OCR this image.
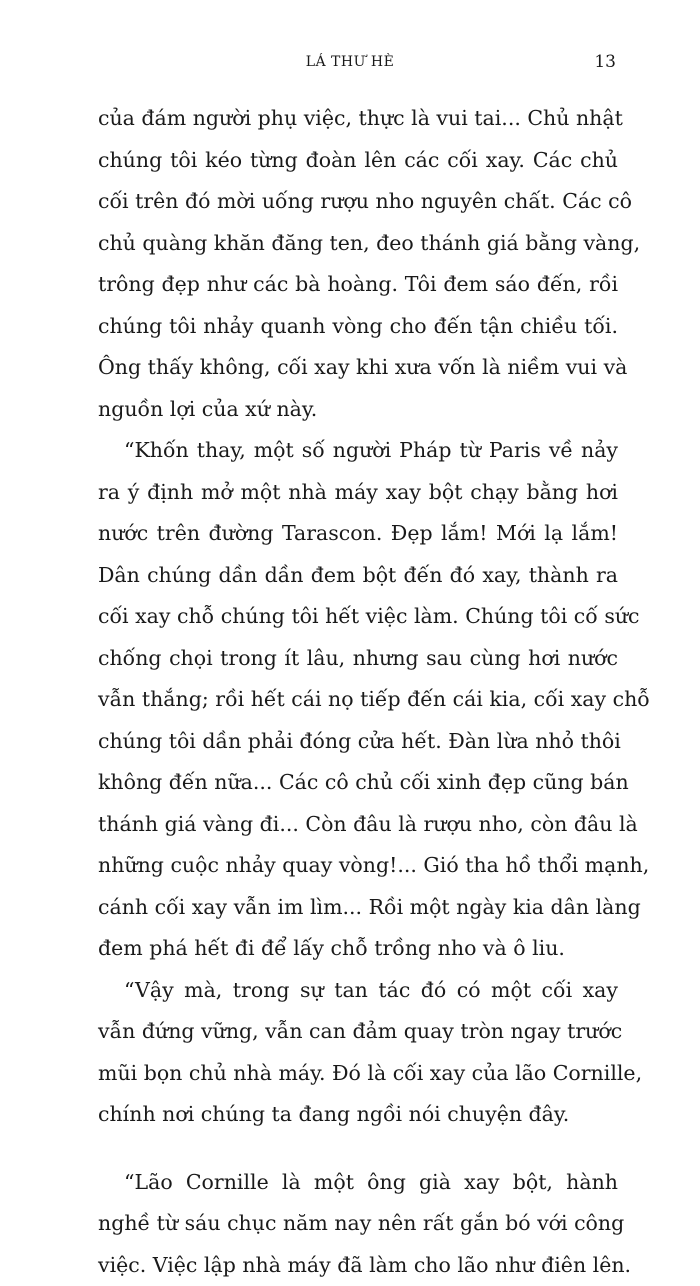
LÁ THƯ HÈ	13
của đám người phụ việc, thực là vui tai... Chủ nhật
chúng tôi kéo từng đoàn lên các cối xay. Các chủ
cối trên đó mời uống rượu nho nguyên chất. Các cô
chủ quàng khăn đăng ten, đeo thánh giá bằng vàng,
trông đẹp như các bà hoàng. Tôi đem sáo đến, rồi
chúng tôi nhảy quanh vòng cho đến tận chiều tối.
Ông thấy không, cối xay khi xưa vốn là niềm vui và
nguồn lợi của xứ này.
“Khốn thay, một số người Pháp từ Paris về nảy
ra ý định mở một nhà máy xay bột chạy bằng hơi
nước trên đường Tarascon. Đẹp lắm! Mới lạ lắm!
Dân chúng dần dần đem bột đến đó xay, thành ra
cối xay chỗ chúng tôi hết việc làm. Chúng tôi cố sức
chống chọi trong ít lâu, nhưng sau cùng hơi nước
vẫn thắng; rồi hết cái nọ tiếp đến cái kia, cối xay chỗ
chúng tôi dần phải đóng cửa hết. Đàn lừa nhỏ thôi
không đến nữa... Các cô chủ cối xinh đẹp cũng bán
thánh giá vàng đi... Còn đâu là rượu nho, còn đâu là
những cuộc nhảy quay vòng!... Gió tha hồ thổi mạnh,
cánh cối xay vẫn im lìm... Rồi một ngày kia dân làng
đem phá hết đi để lấy chỗ trồng nho và ô liu.
“Vậy mà, trong sự tan tác đó có một cối xay
vẫn đứng vững, vẫn can đảm quay tròn ngay trước
mũi bọn chủ nhà máy. Đó là cối xay của lão Cornille,
chính nơi chúng ta đang ngồi nói chuyện đây.
“Lão Cornille là một ông già xay bột, hành
nghề từ sáu chục năm nay nên rất gắn bó với công
việc. Việc lập nhà máy đã làm cho lão như điên lên.
